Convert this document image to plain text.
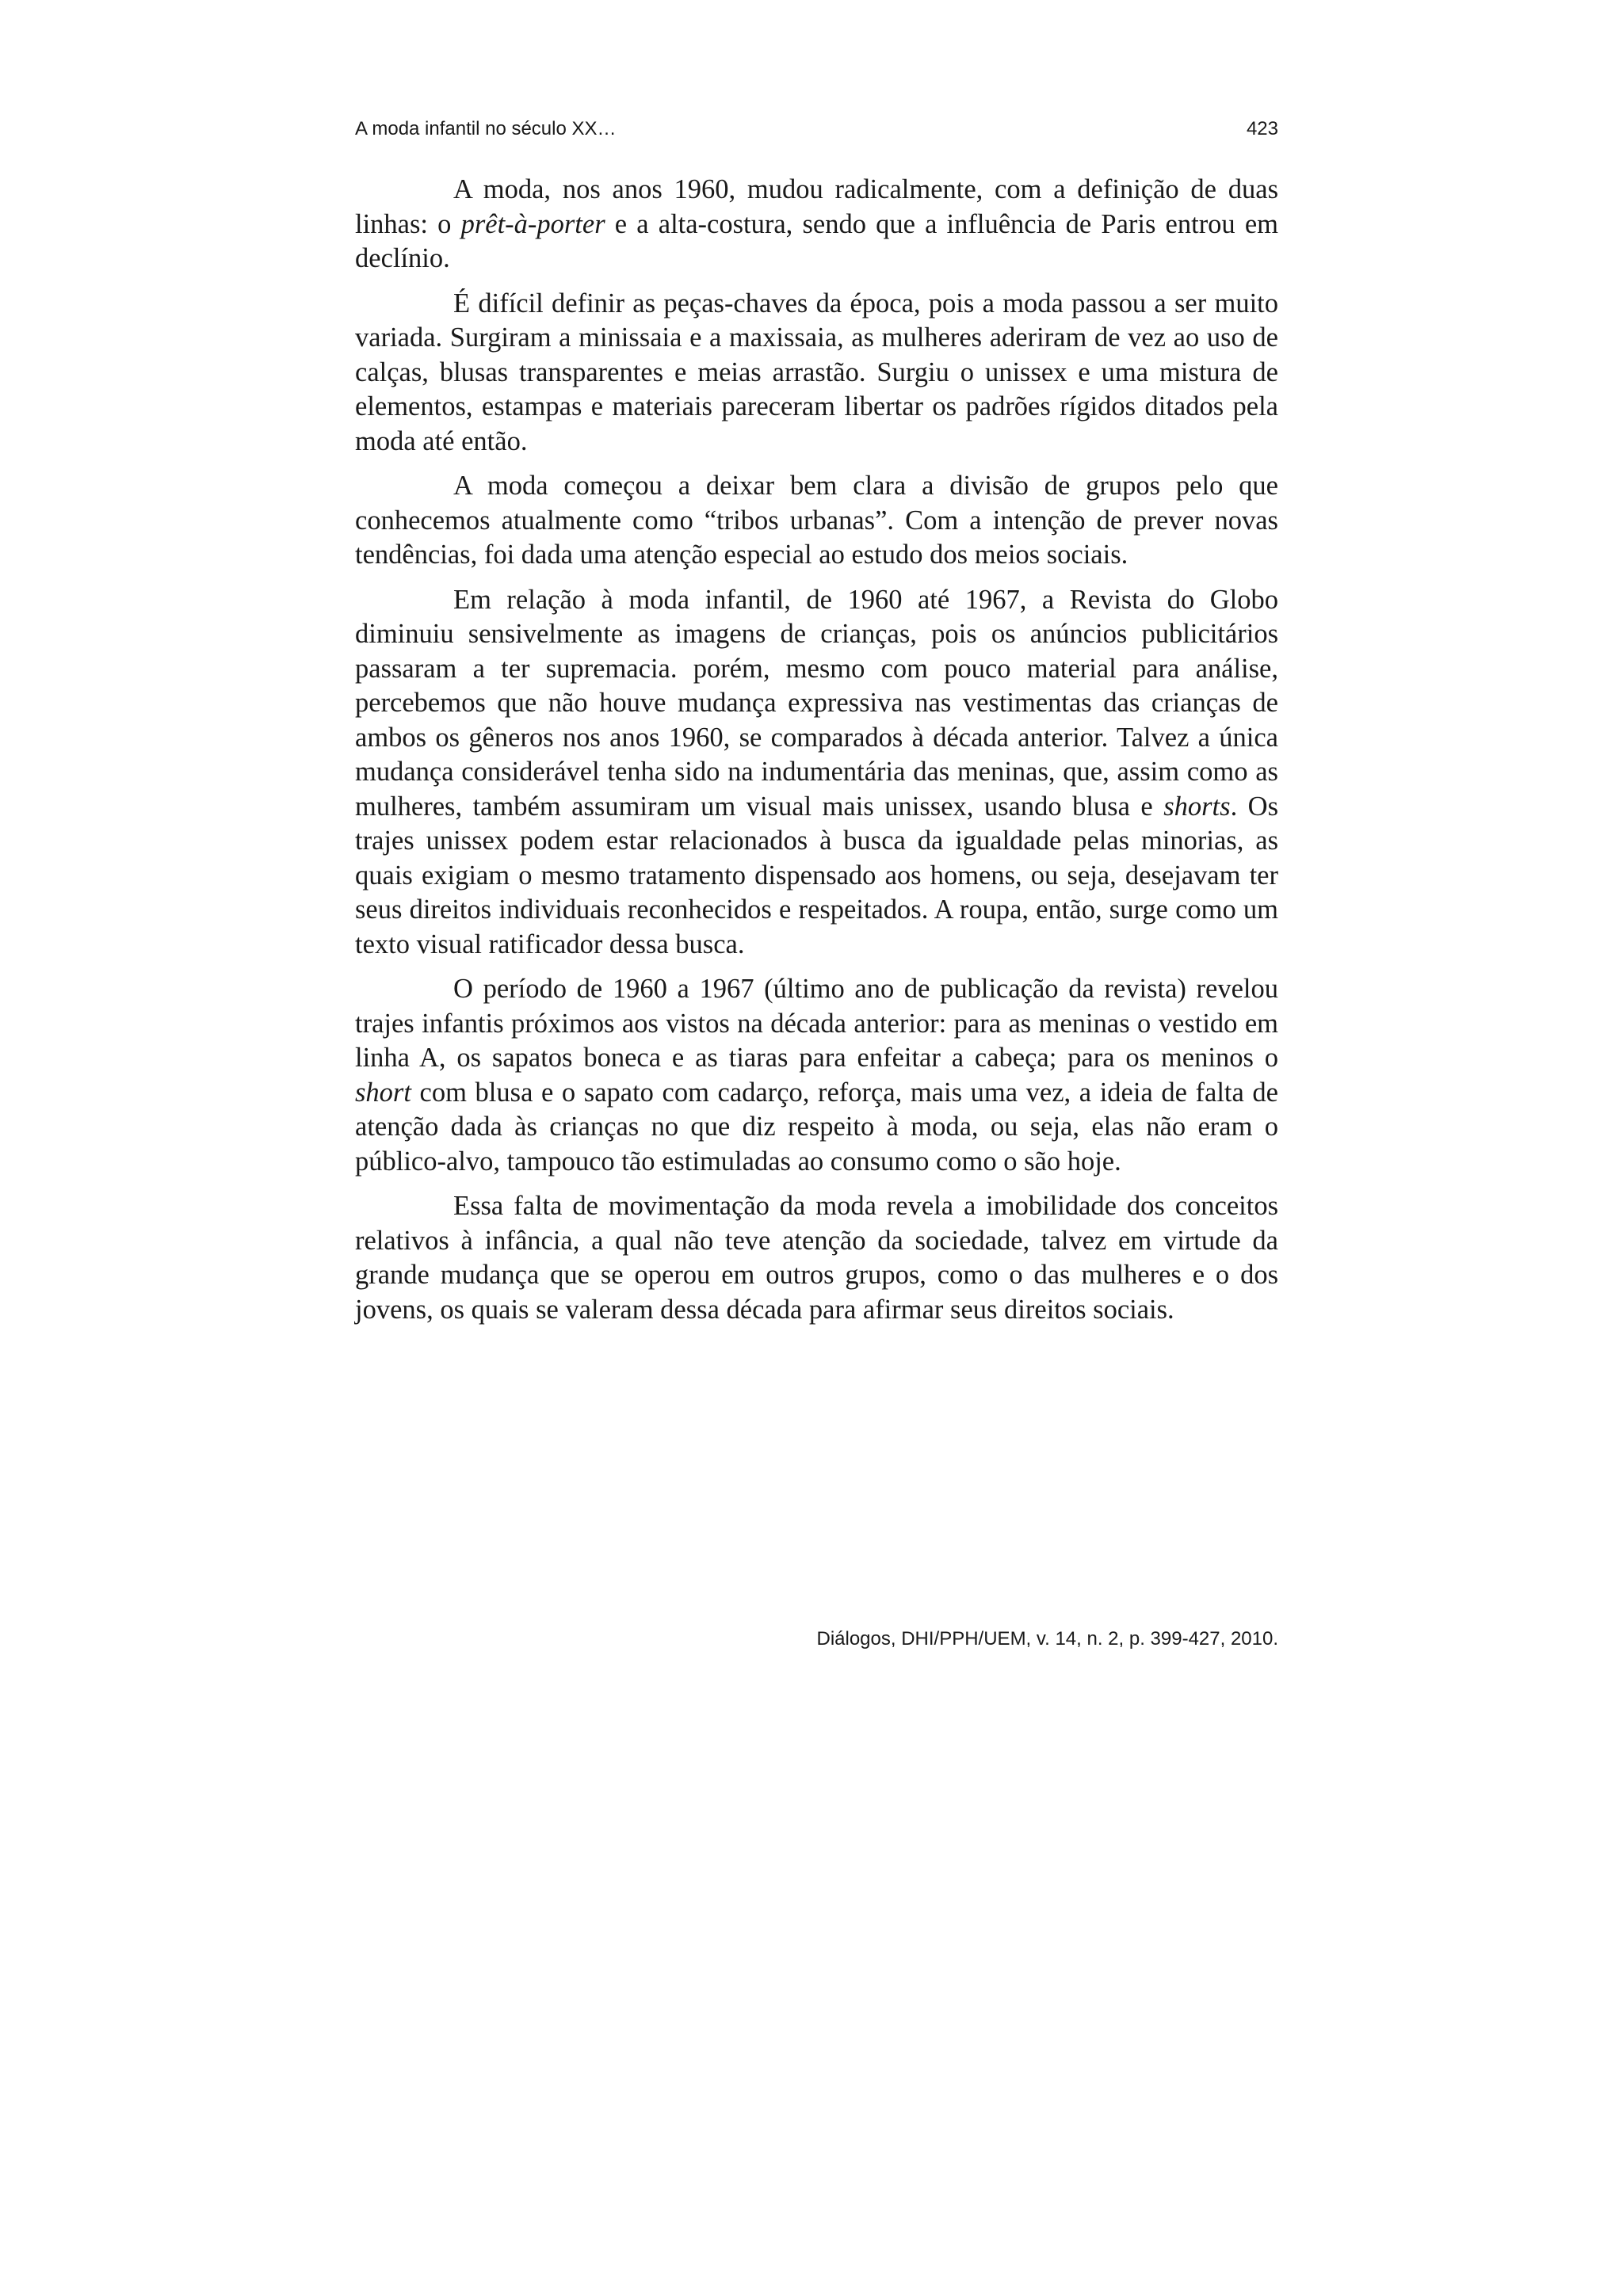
A moda infantil no século XX…	423

A moda, nos anos 1960, mudou radicalmente, com a definição de duas linhas: o prêt-à-porter e a alta-costura, sendo que a influência de Paris entrou em declínio.

É difícil definir as peças-chaves da época, pois a moda passou a ser muito variada. Surgiram a minissaia e a maxissaia, as mulheres aderiram de vez ao uso de calças, blusas transparentes e meias arrastão. Surgiu o unissex e uma mistura de elementos, estampas e materiais pareceram libertar os padrões rígidos ditados pela moda até então.

A moda começou a deixar bem clara a divisão de grupos pelo que conhecemos atualmente como “tribos urbanas”. Com a intenção de prever novas tendências, foi dada uma atenção especial ao estudo dos meios sociais.

Em relação à moda infantil, de 1960 até 1967, a Revista do Globo diminuiu sensivelmente as imagens de crianças, pois os anúncios publicitários passaram a ter supremacia. porém, mesmo com pouco material para análise, percebemos que não houve mudança expressiva nas vestimentas das crianças de ambos os gêneros nos anos 1960, se comparados à década anterior. Talvez a única mudança considerável tenha sido na indumentária das meninas, que, assim como as mulheres, também assumiram um visual mais unissex, usando blusa e shorts. Os trajes unissex podem estar relacionados à busca da igualdade pelas minorias, as quais exigiam o mesmo tratamento dispensado aos homens, ou seja, desejavam ter seus direitos individuais reconhecidos e respeitados. A roupa, então, surge como um texto visual ratificador dessa busca.

O período de 1960 a 1967 (último ano de publicação da revista) revelou trajes infantis próximos aos vistos na década anterior: para as meninas o vestido em linha A, os sapatos boneca e as tiaras para enfeitar a cabeça; para os meninos o short com blusa e o sapato com cadarço, reforça, mais uma vez, a ideia de falta de atenção dada às crianças no que diz respeito à moda, ou seja, elas não eram o público-alvo, tampouco tão estimuladas ao consumo como o são hoje.

Essa falta de movimentação da moda revela a imobilidade dos conceitos relativos à infância, a qual não teve atenção da sociedade, talvez em virtude da grande mudança que se operou em outros grupos, como o das mulheres e o dos jovens, os quais se valeram dessa década para afirmar seus direitos sociais.

Diálogos, DHI/PPH/UEM, v. 14, n. 2, p. 399-427, 2010.
